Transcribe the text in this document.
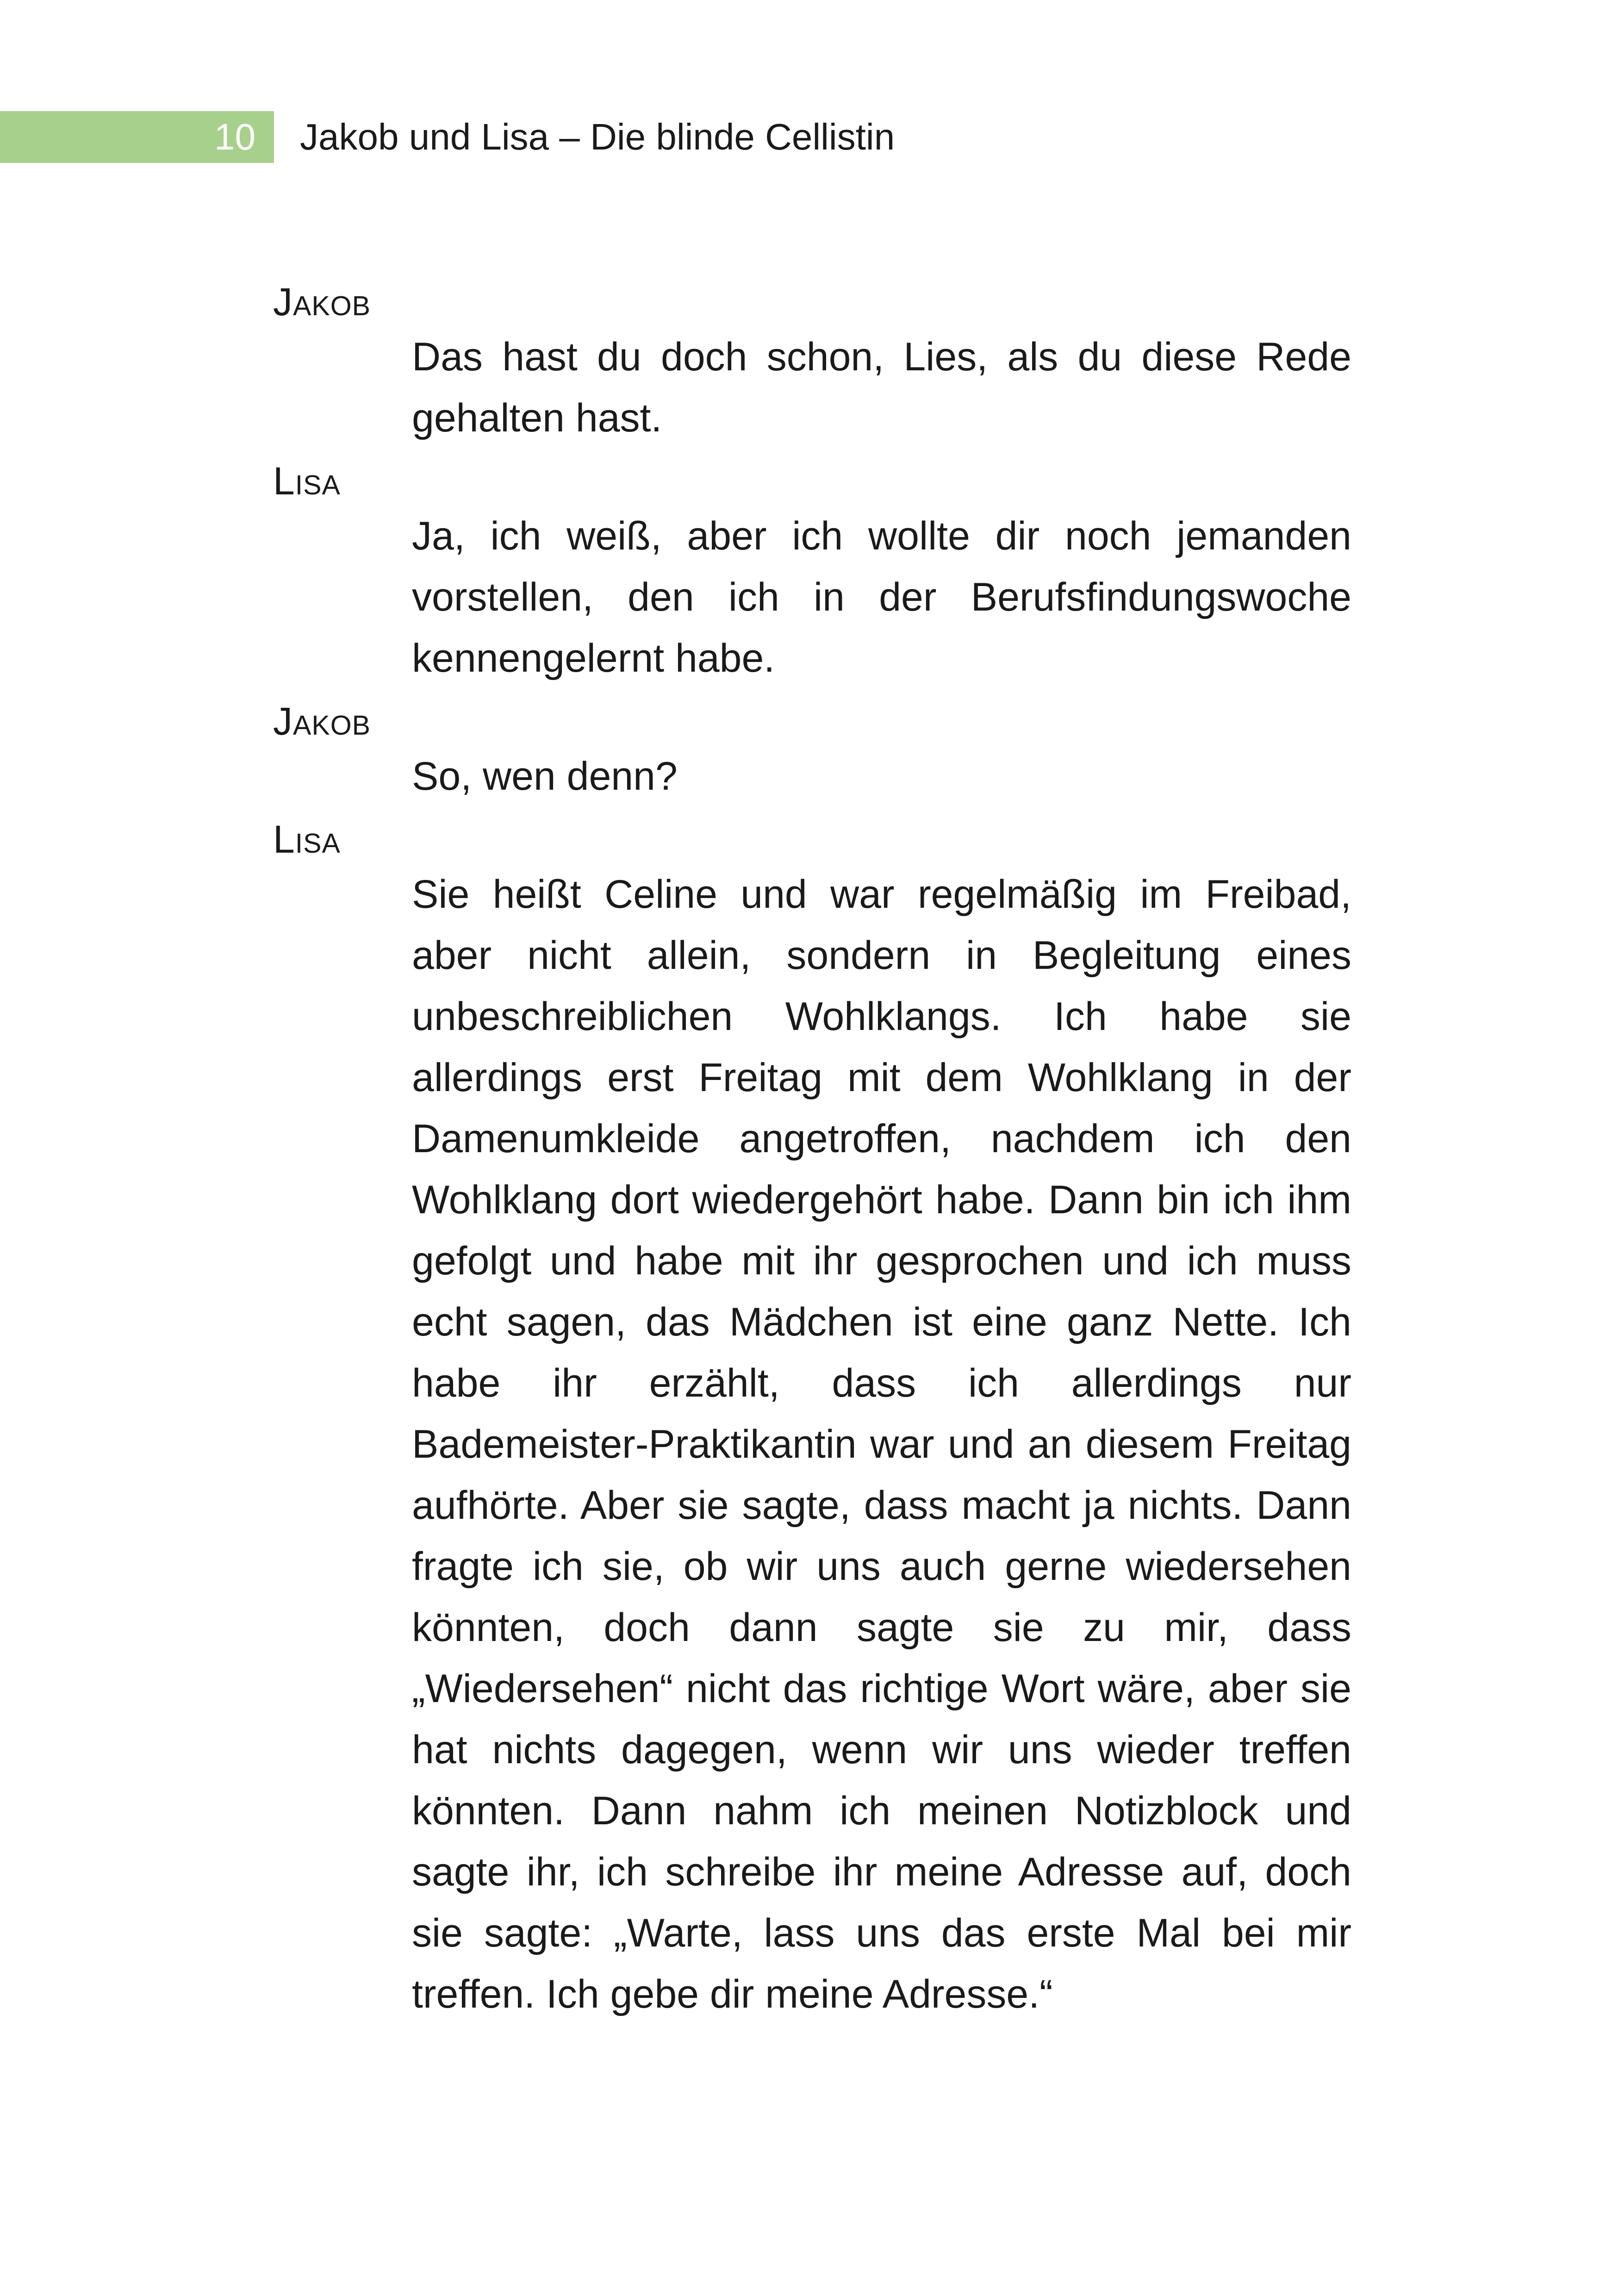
10	Jakob und Lisa – Die blinde Cellistin
Jakob
Das hast du doch schon, Lies, als du diese Rede gehalten hast.
Lisa
Ja, ich weiß, aber ich wollte dir noch jemanden vorstellen, den ich in der Berufsfindungswoche kennengelernt habe.
Jakob
So, wen denn?
Lisa
Sie heißt Celine und war regelmäßig im Freibad, aber nicht allein, sondern in Begleitung eines unbeschreiblichen Wohlklangs. Ich habe sie allerdings erst Freitag mit dem Wohlklang in der Damenumkleide angetroffen, nachdem ich den Wohlklang dort wiedergehört habe. Dann bin ich ihm gefolgt und habe mit ihr gesprochen und ich muss echt sagen, das Mädchen ist eine ganz Nette. Ich habe ihr erzählt, dass ich allerdings nur Bademeister-Praktikantin war und an diesem Freitag aufhörte. Aber sie sagte, dass macht ja nichts. Dann fragte ich sie, ob wir uns auch gerne wiedersehen könnten, doch dann sagte sie zu mir, dass „Wiedersehen“ nicht das richtige Wort wäre, aber sie hat nichts dagegen, wenn wir uns wieder treffen könnten. Dann nahm ich meinen Notizblock und sagte ihr, ich schreibe ihr meine Adresse auf, doch sie sagte: „Warte, lass uns das erste Mal bei mir treffen. Ich gebe dir meine Adresse.“
